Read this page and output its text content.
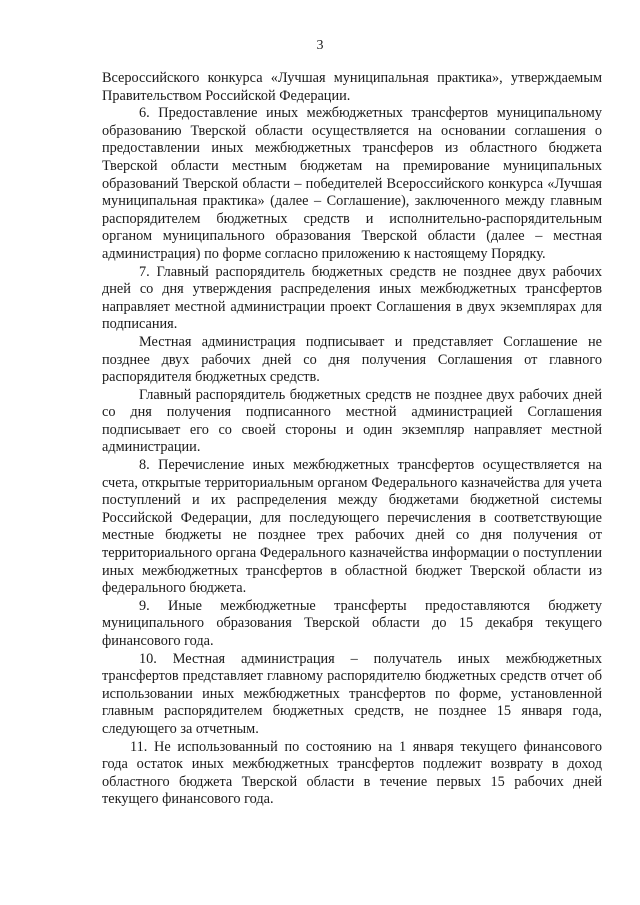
3

Всероссийского конкурса «Лучшая муниципальная практика», утверждаемым Правительством Российской Федерации.

6. Предоставление иных межбюджетных трансфертов муниципальному образованию Тверской области осуществляется на основании соглашения о предоставлении иных межбюджетных трансферов из областного бюджета Тверской области местным бюджетам на премирование муниципальных образований Тверской области – победителей Всероссийского конкурса «Лучшая муниципальная практика» (далее – Соглашение), заключенного между главным распорядителем бюджетных средств и исполнительно-распорядительным органом муниципального образования Тверской области (далее – местная администрация) по форме согласно приложению к настоящему Порядку.

7. Главный распорядитель бюджетных средств не позднее двух рабочих дней со дня утверждения распределения иных межбюджетных трансфертов направляет местной администрации проект Соглашения в двух экземплярах для подписания.

Местная администрация подписывает и представляет Соглашение не позднее двух рабочих дней со дня получения Соглашения от главного распорядителя бюджетных средств.

Главный распорядитель бюджетных средств не позднее двух рабочих дней со дня получения подписанного местной администрацией Соглашения подписывает его со своей стороны и один экземпляр направляет местной администрации.

8. Перечисление иных межбюджетных трансфертов осуществляется на счета, открытые территориальным органом Федерального казначейства для учета поступлений и их распределения между бюджетами бюджетной системы Российской Федерации, для последующего перечисления в соответствующие местные бюджеты не позднее трех рабочих дней со дня получения от территориального органа Федерального казначейства информации о поступлении иных межбюджетных трансфертов в областной бюджет Тверской области из федерального бюджета.

9. Иные межбюджетные трансферты предоставляются бюджету муниципального образования Тверской области до 15 декабря текущего финансового года.

10. Местная администрация – получатель иных межбюджетных трансфертов представляет главному распорядителю бюджетных средств отчет об использовании иных межбюджетных трансфертов по форме, установленной главным распорядителем бюджетных средств, не позднее 15 января года, следующего за отчетным.

11. Не использованный по состоянию на 1 января текущего финансового года остаток иных межбюджетных трансфертов подлежит возврату в доход областного бюджета Тверской области в течение первых 15 рабочих дней текущего финансового года.
